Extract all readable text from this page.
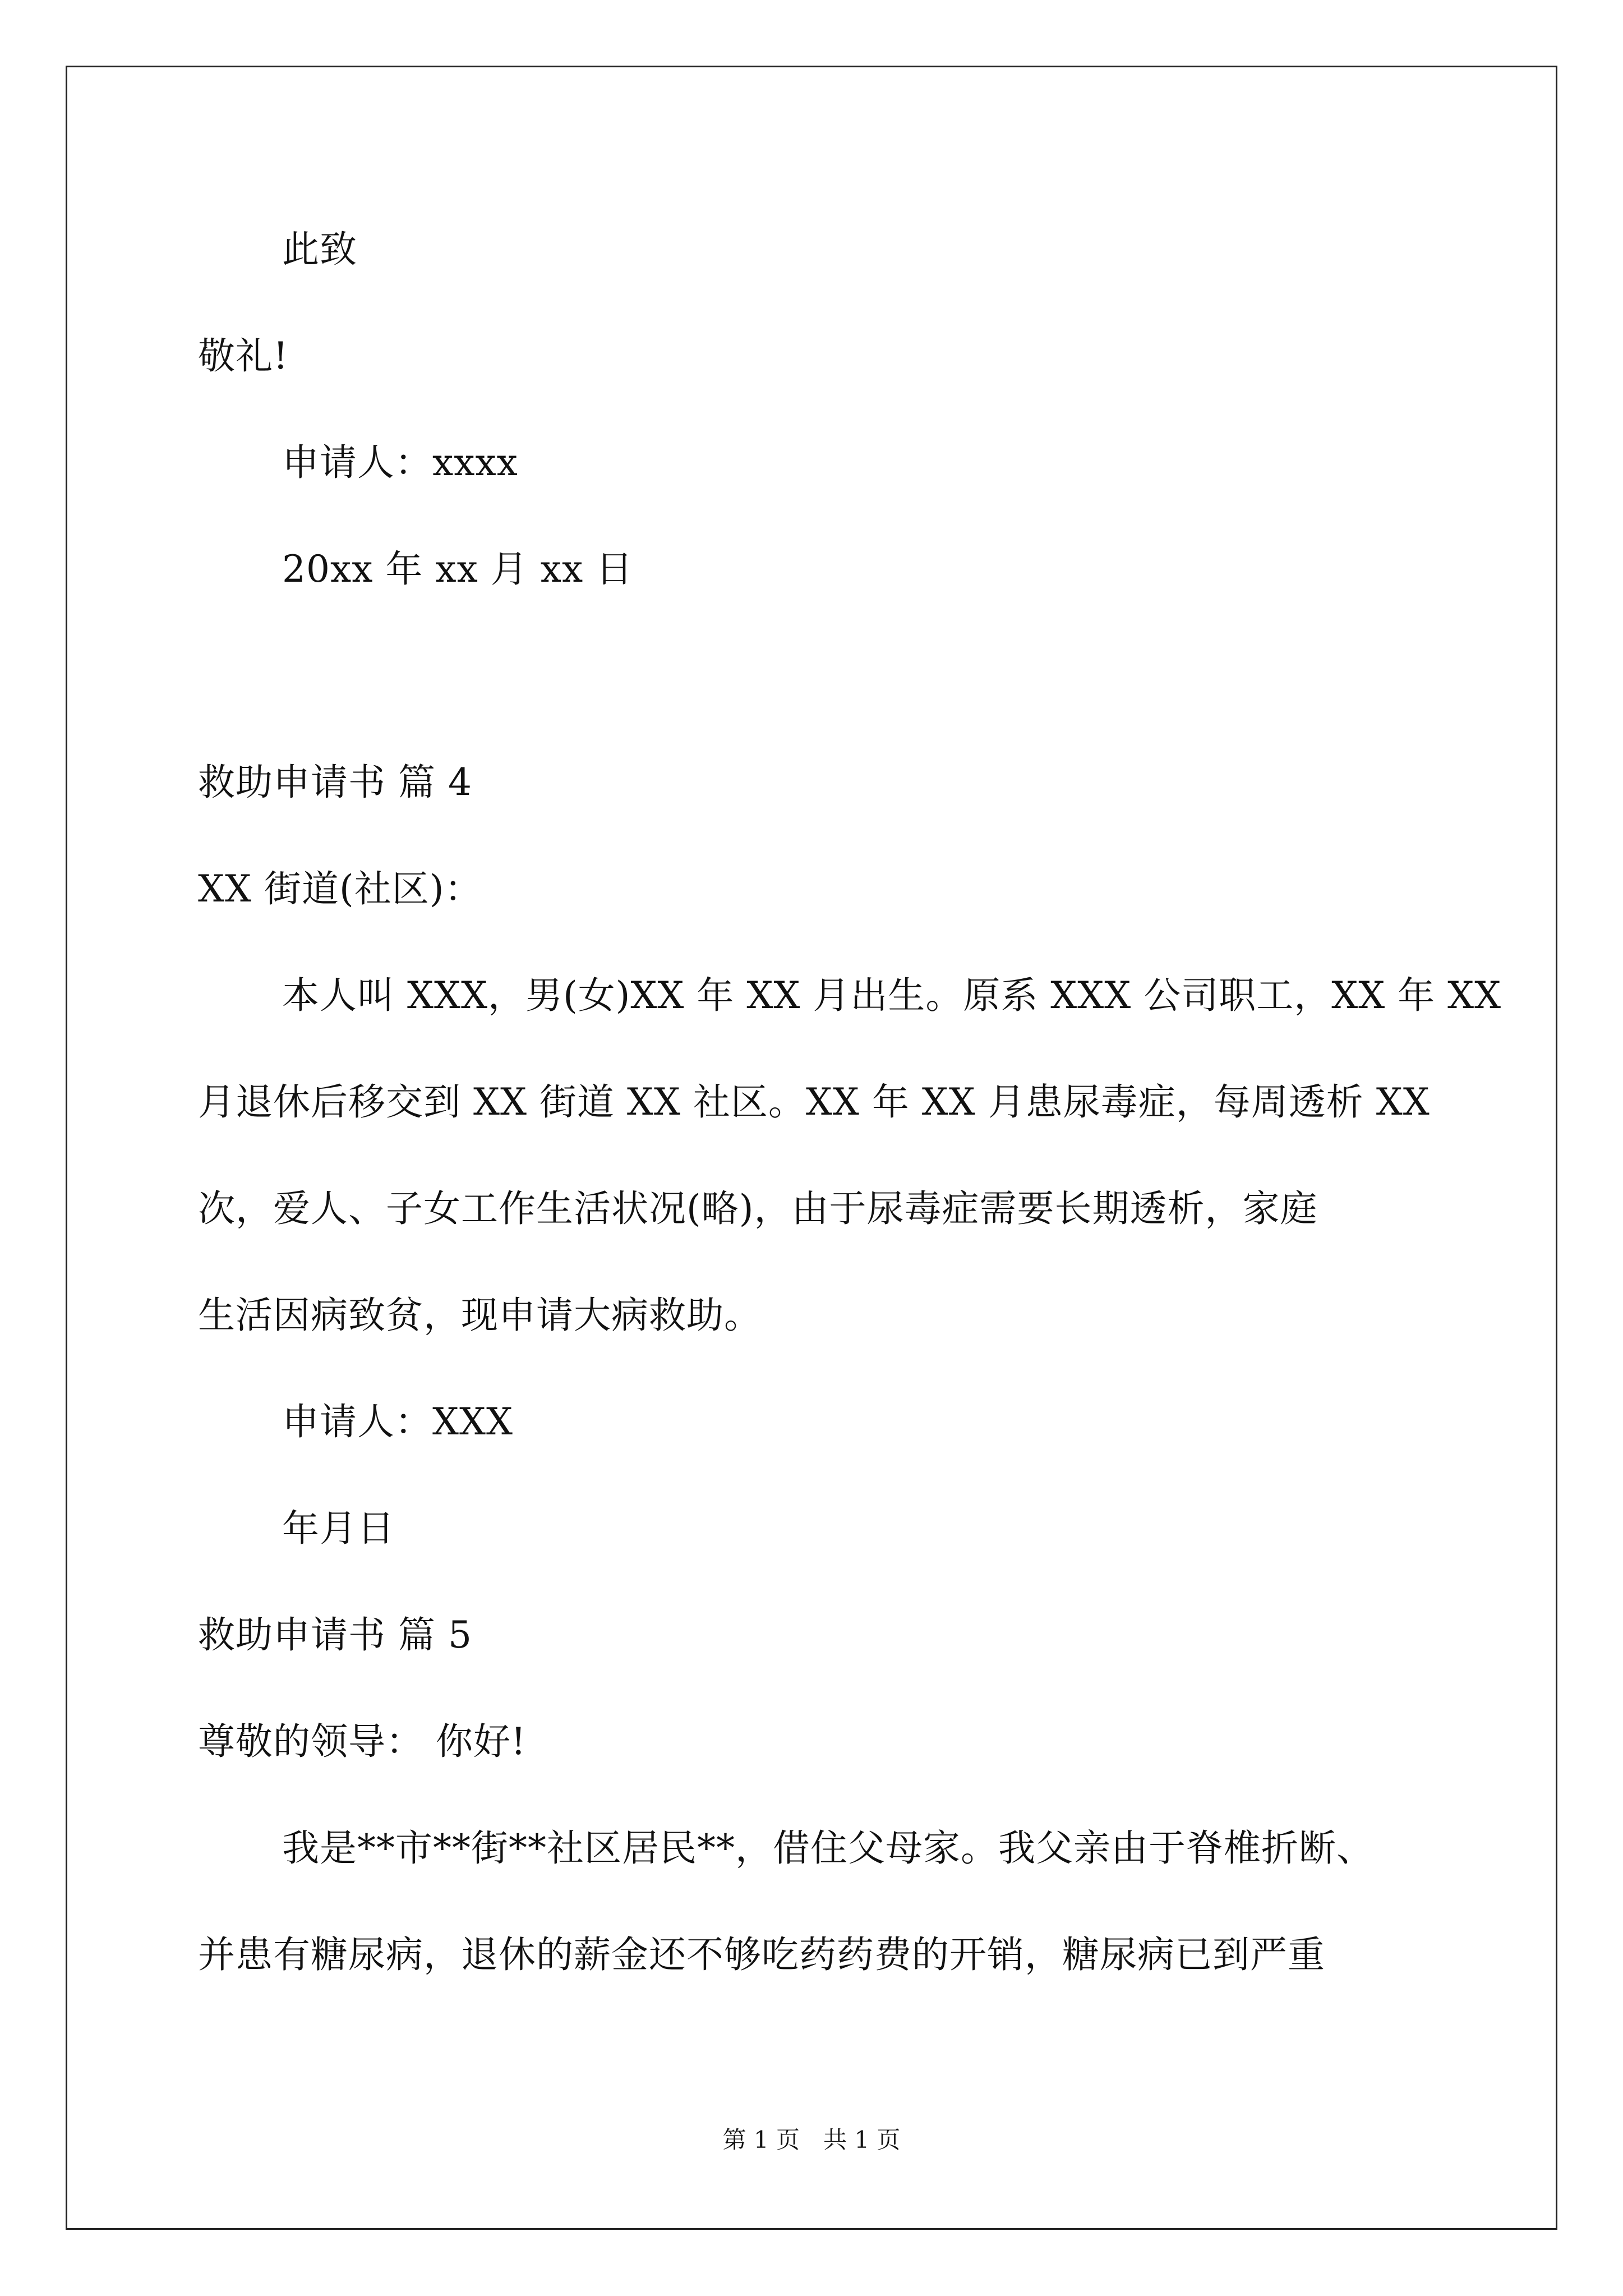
此致
敬礼!
申请人：xxxx
20xx 年 xx 月 xx 日
救助申请书 篇 4
XX 街道(社区)：
本人叫 XXX，男(女)XX 年 XX 月出生。原系 XXX 公司职工，XX 年 XX
月退休后移交到 XX 街道 XX 社区。XX 年 XX 月患尿毒症，每周透析 XX
次，爱人、子女工作生活状况(略)，由于尿毒症需要长期透析，家庭
生活因病致贫，现申请大病救助。
申请人：XXX
年月日
救助申请书 篇 5
尊敬的领导： 你好!
我是**市**街**社区居民**，借住父母家。我父亲由于脊椎折断、
并患有糖尿病，退休的薪金还不够吃药药费的开销，糖尿病已到严重
第 1 页　共 1 页
